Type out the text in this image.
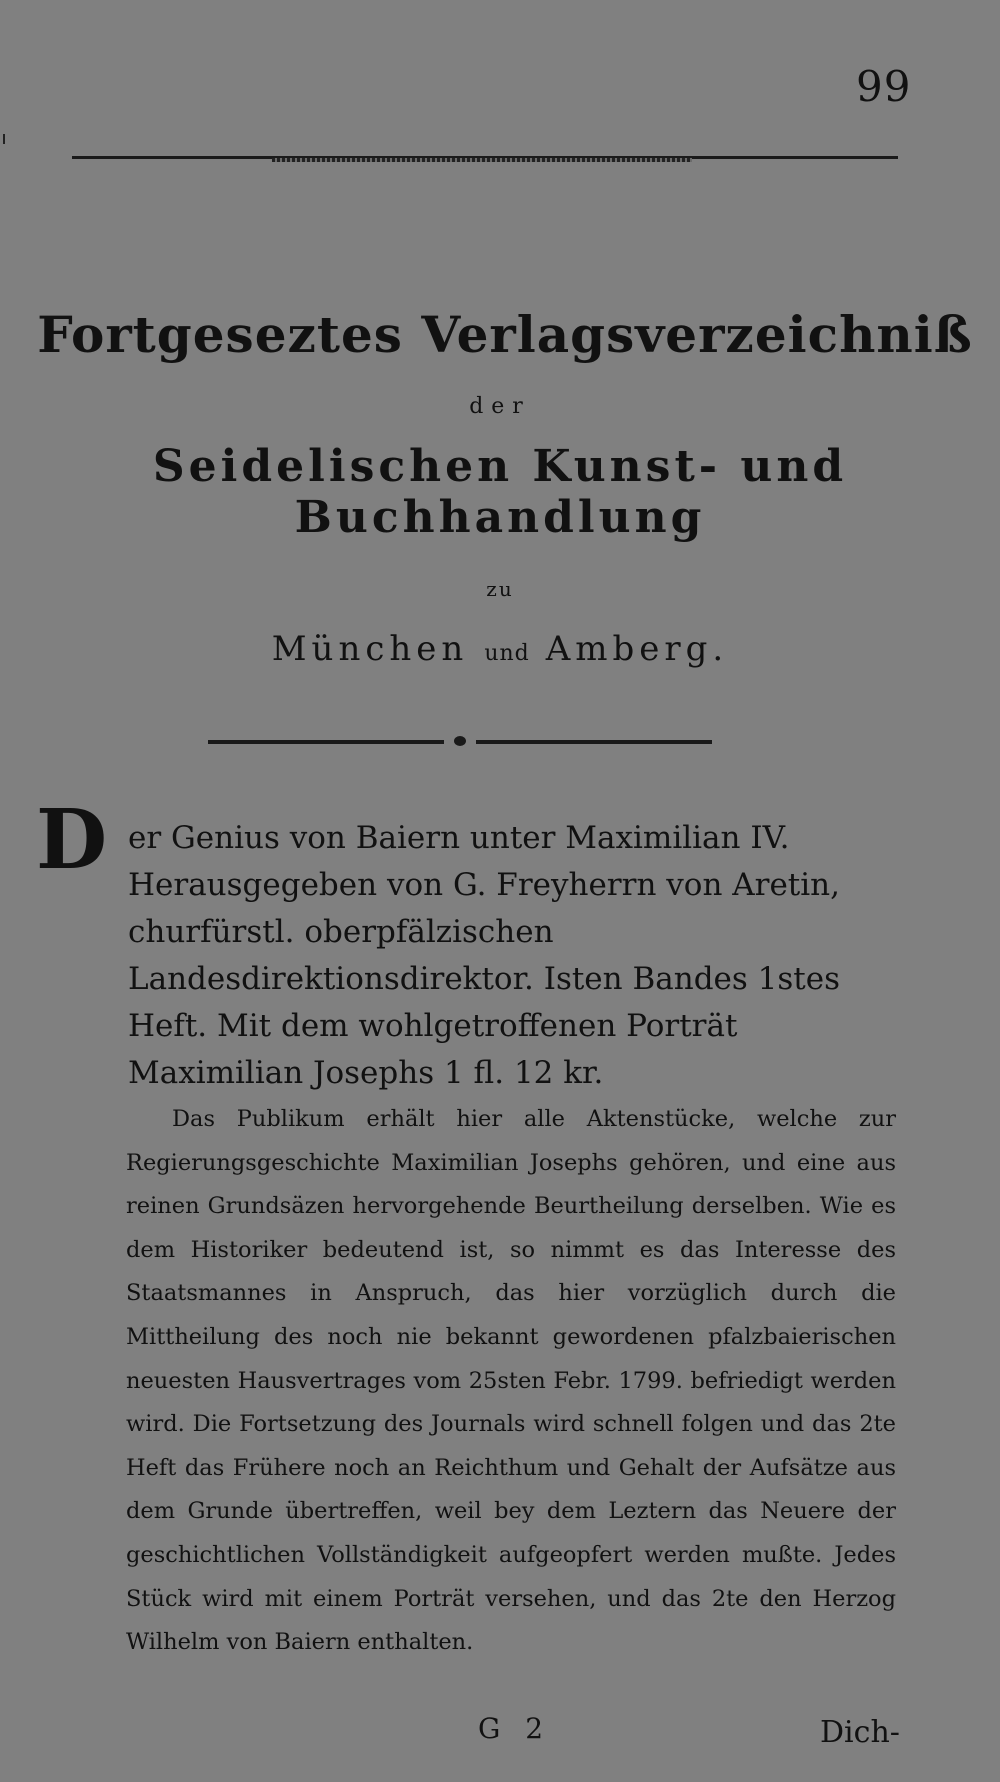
99
Fortgeseztes Verlagsverzeichniß
der
Seidelischen Kunst- und Buchhandlung
zu
München und Amberg.

D er Genius von Baiern unter Maximilian IV. Herausgegeben von G. Freyherrn von Aretin, churfürstl. oberpfälzischen Landesdirektionsdirektor. Isten Bandes 1stes Heft. Mit dem wohlgetroffenen Porträt Maximilian Josephs 1 fl. 12 kr.

Das Publikum erhält hier alle Aktenstücke, welche zur Regierungsgeschichte Maximilian Josephs gehören, und eine aus reinen Grundsäzen hervorgehende Beurtheilung derselben. Wie es dem Historiker bedeutend ist, so nimmt es das Interesse des Staatsmannes in Anspruch, das hier vorzüglich durch die Mittheilung des noch nie bekannt gewordenen pfalzbaierischen neuesten Hausvertrages vom 25sten Febr. 1799. befriedigt werden wird. Die Fortsetzung des Journals wird schnell folgen und das 2te Heft das Frühere noch an Reichthum und Gehalt der Aufsätze aus dem Grunde übertreffen, weil bey dem Leztern das Neuere der geschichtlichen Vollständigkeit aufgeopfert werden mußte. Jedes Stück wird mit einem Porträt versehen, und das 2te den Herzog Wilhelm von Baiern enthalten.

G 2	Dich-
